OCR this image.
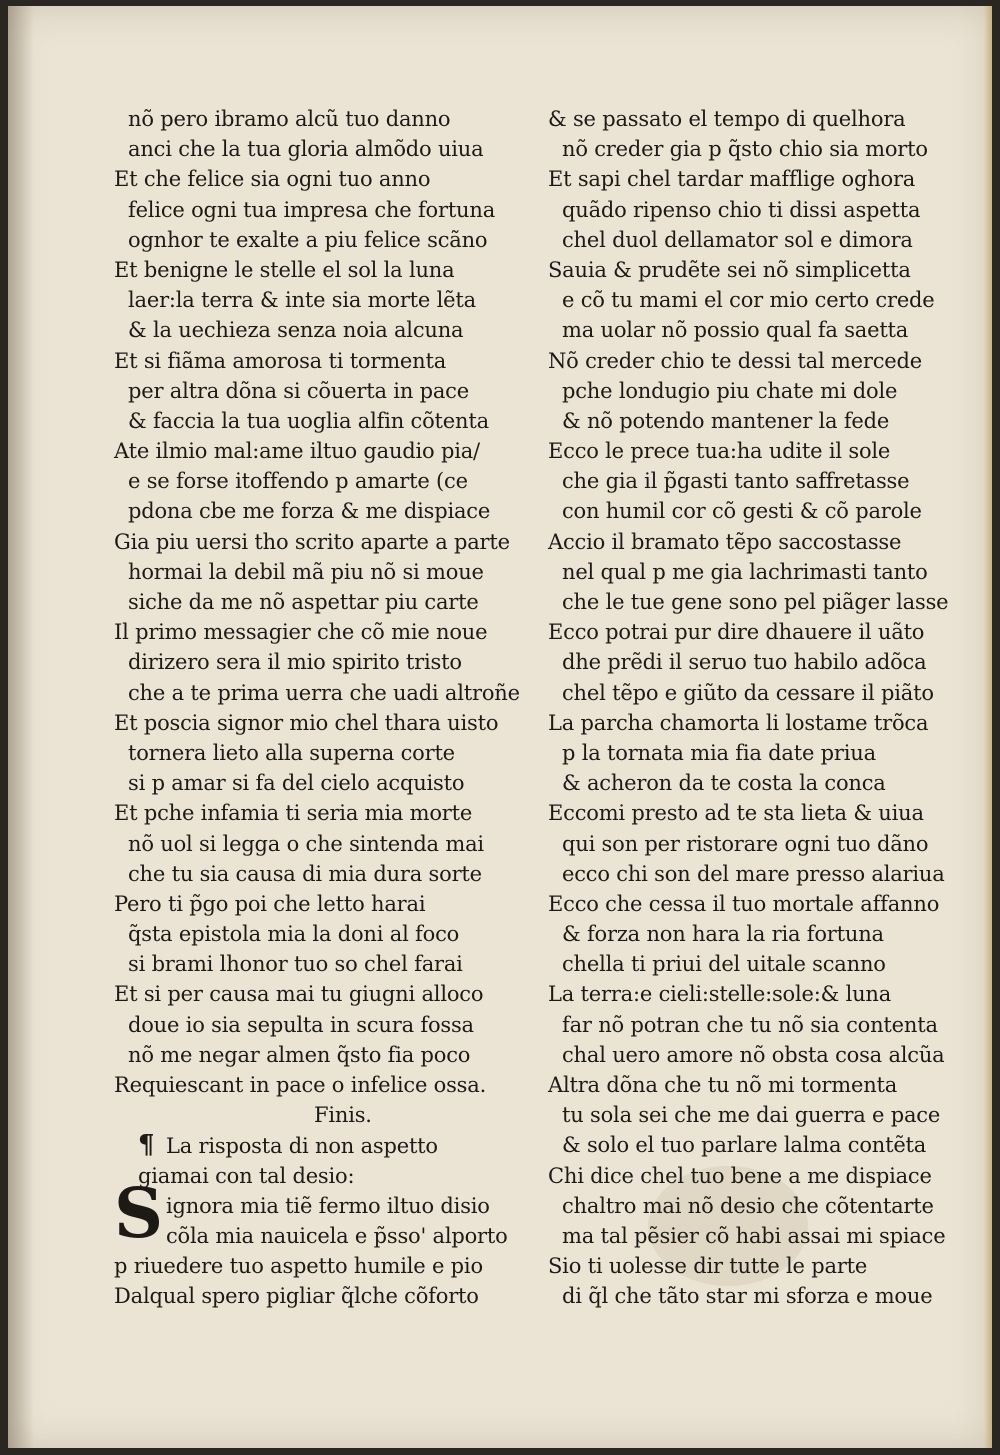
nõ pero ibramo alcũ tuo danno
anci che la tua gloria almõdo uiua
Et che felice sia ogni tuo anno
felice ogni tua impresa che fortuna
ognhor te exalte a piu felice scãno
Et benigne le stelle el sol la luna
laer:la terra & inte sia morte lẽta
& la uechieza senza noia alcuna
Et si fiãma amorosa ti tormenta
per altra dõna si cõuerta in pace
& faccia la tua uoglia alfin cõtenta
Ate ilmio mal:ame iltuo gaudio pia/
e se forse itoffendo p amarte (ce
pdona cbe me forza & me dispiace
Gia piu uersi tho scrito aparte a parte
hormai la debil mã piu nõ si moue
siche da me nõ aspettar piu carte
Il primo messagier che cõ mie noue
dirizero sera il mio spirito tristo
che a te prima uerra che uadi altroñe
Et poscia signor mio chel thara uisto
tornera lieto alla superna corte
si p amar si fa del cielo acquisto
Et pche infamia ti seria mia morte
nõ uol si legga o che sintenda mai
che tu sia causa di mia dura sorte
Pero ti p̃go poi che letto harai
q̃sta epistola mia la doni al foco
si brami lhonor tuo so chel farai
Et si per causa mai tu giugni alloco
doue io sia sepulta in scura fossa
nõ me negar almen q̃sto fia poco
Requiescant in pace o infelice ossa.
Finis.
¶ La risposta di non aspetto
giamai con tal desio:
ignora mia tiẽ fermo iltuo disio
cõla mia nauicela e p̃sso' alporto
p riuedere tuo aspetto humile e pio
Dalqual spero pigliar q̃lche cõforto
& se passato el tempo di quelhora
nõ creder gia p q̃sto chio sia morto
Et sapi chel tardar mafflige oghora
quãdo ripenso chio ti dissi aspetta
chel duol dellamator sol e dimora
Sauia & prudẽte sei nõ simplicetta
e cõ tu mami el cor mio certo crede
ma uolar nõ possio qual fa saetta
Nõ creder chio te dessi tal mercede
pche londugio piu chate mi dole
& nõ potendo mantener la fede
Ecco le prece tua:ha udite il sole
che gia il p̃gasti tanto saffretasse
con humil cor cõ gesti & cõ parole
Accio il bramato tẽpo saccostasse
nel qual p me gia lachrimasti tanto
che le tue gene sono pel piãger lasse
Ecco potrai pur dire dhauere il uãto
dhe prẽdi il seruo tuo habilo adõca
chel tẽpo e giũto da cessare il piãto
La parcha chamorta li lostame trõca
p la tornata mia fia date priua
& acheron da te costa la conca
Eccomi presto ad te sta lieta & uiua
qui son per ristorare ogni tuo dãno
ecco chi son del mare presso alariua
Ecco che cessa il tuo mortale affanno
& forza non hara la ria fortuna
chella ti priui del uitale scanno
La terra:e cieli:stelle:sole:& luna
far nõ potran che tu nõ sia contenta
chal uero amore nõ obsta cosa alcũa
Altra dõna che tu nõ mi tormenta
tu sola sei che me dai guerra e pace
& solo el tuo parlare lalma contẽta
Chi dice chel tuo bene a me dispiace
chaltro mai nõ desio che cõtentarte
ma tal pẽsier cõ habi assai mi spiace
Sio ti uolesse dir tutte le parte
di q̃l che tãto star mi sforza e moue
S
